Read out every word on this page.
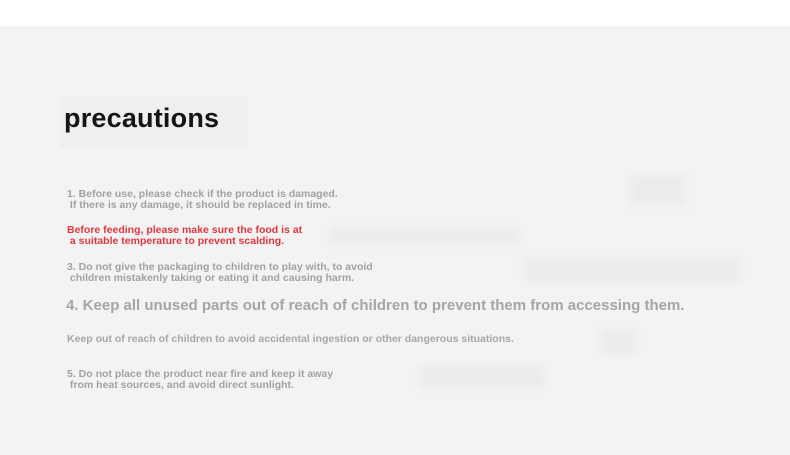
precautions

1. Before use, please check if the product is damaged.
If there is any damage, it should be replaced in time.

Before feeding, please make sure the food is at
a suitable temperature to prevent scalding.

3. Do not give the packaging to children to play with, to avoid
children mistakenly taking or eating it and causing harm.

4. Keep all unused parts out of reach of children to prevent them from accessing them.

Keep out of reach of children to avoid accidental ingestion or other dangerous situations.

5. Do not place the product near fire and keep it away
from heat sources, and avoid direct sunlight.
